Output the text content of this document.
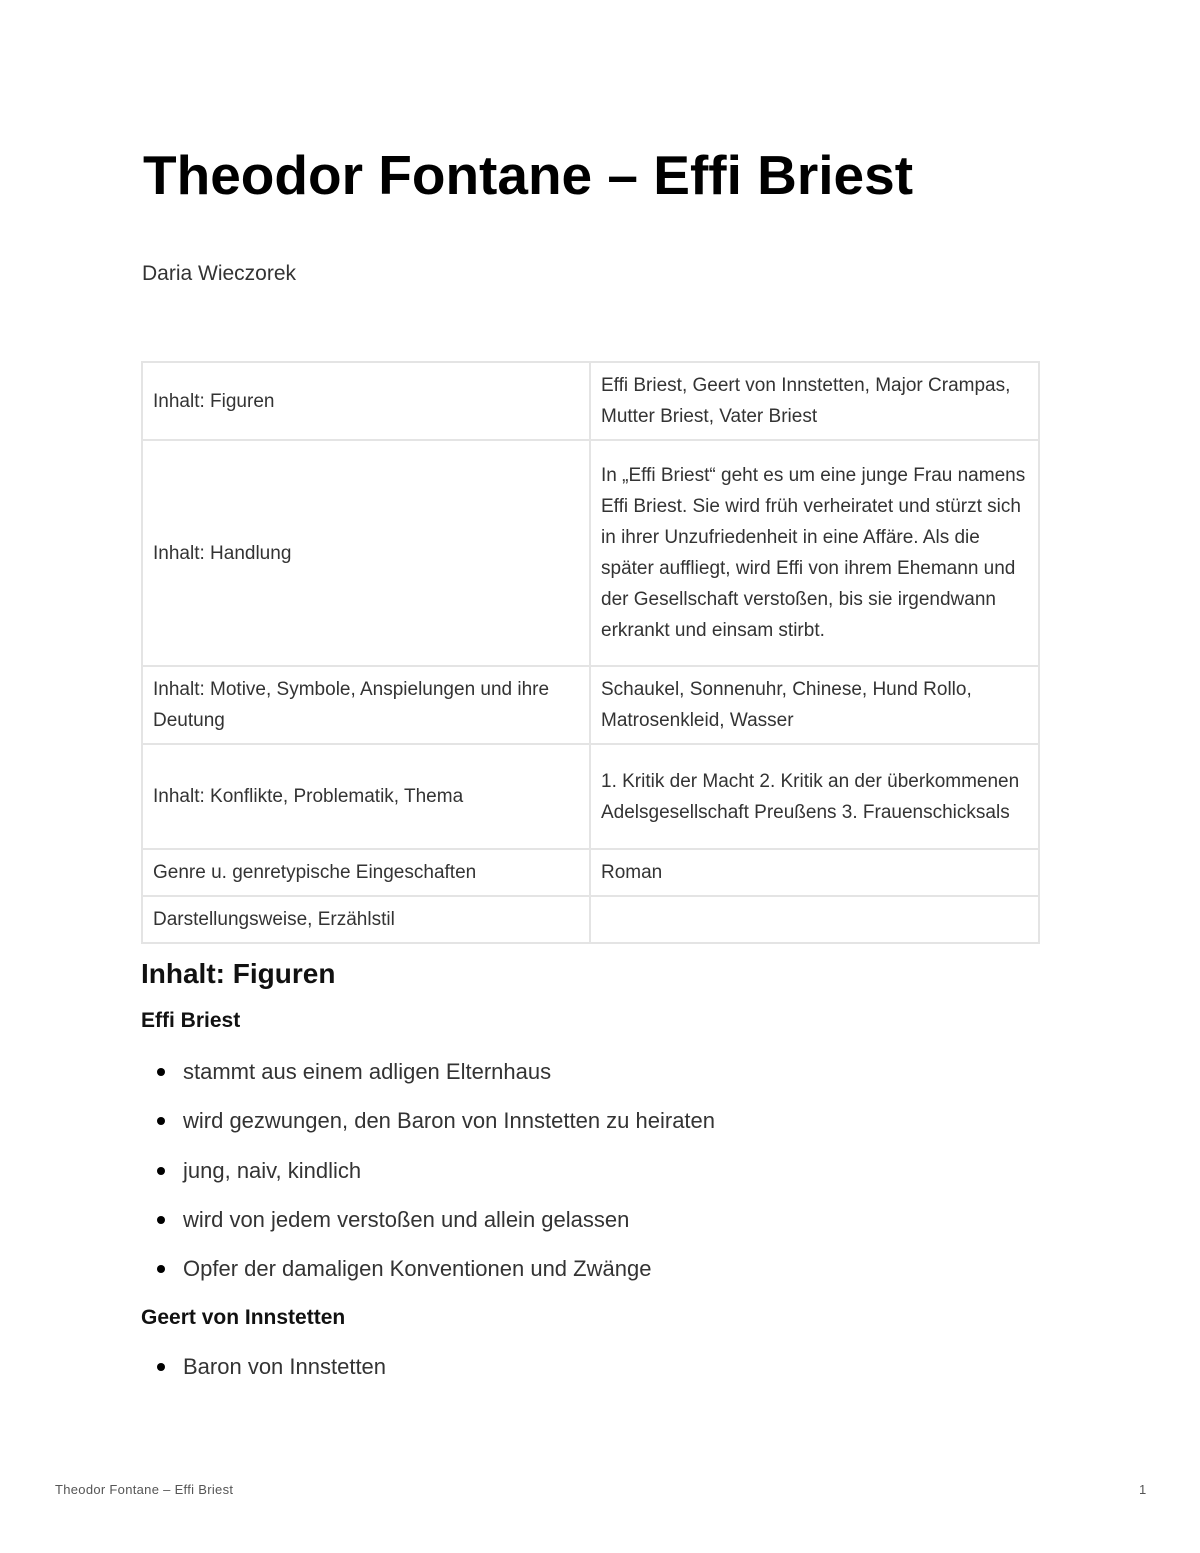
Theodor Fontane – Effi Briest

Daria Wieczorek

Inhalt: Figuren	Effi Briest, Geert von Innstetten, Major Crampas, Mutter Briest, Vater Briest
Inhalt: Handlung	In „Effi Briest“ geht es um eine junge Frau namens Effi Briest. Sie wird früh verheiratet und stürzt sich in ihrer Unzufriedenheit in eine Affäre. Als die später auffliegt, wird Effi von ihrem Ehemann und der Gesellschaft verstoßen, bis sie irgendwann erkrankt und einsam stirbt.
Inhalt: Motive, Symbole, Anspielungen und ihre Deutung	Schaukel, Sonnenuhr, Chinese, Hund Rollo, Matrosenkleid, Wasser
Inhalt: Konflikte, Problematik, Thema	1. Kritik der Macht 2. Kritik an der überkommenen Adelsgesellschaft Preußens 3. Frauenschicksals
Genre u. genretypische Eingeschaften	Roman
Darstellungsweise, Erzählstil	
Inhalt: Figuren
Effi Briest
stammt aus einem adligen Elternhaus
wird gezwungen, den Baron von Innstetten zu heiraten
jung, naiv, kindlich
wird von jedem verstoßen und allein gelassen
Opfer der damaligen Konventionen und Zwänge
Geert von Innstetten
Baron von Innstetten
Theodor Fontane – Effi Briest	1
